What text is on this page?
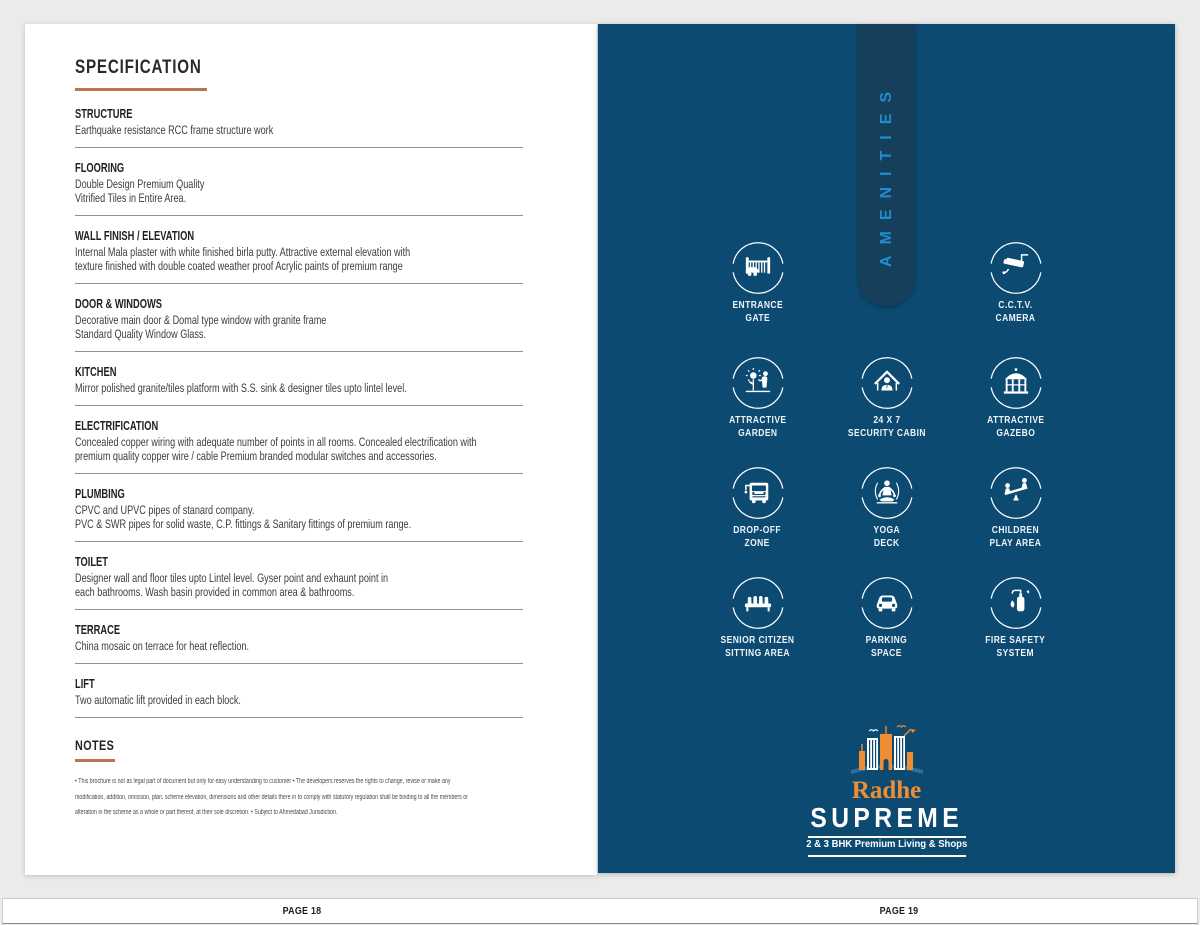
SPECIFICATION
STRUCTURE
Earthquake resistance RCC frame structure work
FLOORING
Double Design Premium Quality
Vitrified Tiles in Entire Area.
WALL FINISH / ELEVATION
Internal Mala plaster with white finished birla putty. Attractive external elevation with
texture finished with double coated weather proof Acrylic paints of premium range
DOOR & WINDOWS
Decorative main door & Domal type window with granite frame
Standard Quality Window Glass.
KITCHEN
Mirror polished granite/tiles platform with S.S. sink & designer tiles upto lintel level.
ELECTRIFICATION
Concealed copper wiring with adequate number of points in all rooms. Concealed electrification with
premium quality copper wire / cable Premium branded modular switches and accessories.
PLUMBING
CPVC and UPVC pipes of stanard company.
PVC & SWR pipes for solid waste, C.P. fittings & Sanitary fittings of premium range.
TOILET
Designer wall and floor tiles upto Lintel level. Gyser point and exhaunt point in
each bathrooms. Wash basin provided in common area & bathrooms.
TERRACE
China mosaic on terrace for heat reflection.
LIFT
Two automatic lift provided in each block.
NOTES
• This brochure is not as legal part of document but only for easy understanding to customer • The developers reserves the rights to change, revise or make any
modification, addition, omission, plan, scheme elevation, dimensions and other details there in to comply with statutory regulation shall be binding to all the members or
alteration in the scheme as a whole or part thereof, at their sole discretion. • Subject to Ahmedabad Jurisdiction.
AMENITIES
ENTRANCE
GATE
C.C.T.V.
CAMERA
ATTRACTIVE
GARDEN
24 X 7
SECURITY CABIN
ATTRACTIVE
GAZEBO
DROP-OFF
ZONE
YOGA
DECK
CHILDREN
PLAY AREA
SENIOR CITIZEN
SITTING AREA
PARKING
SPACE
FIRE SAFETY
SYSTEM
Radhe
SUPREME
2 & 3 BHK Premium Living & Shops
PAGE 18	PAGE 19
